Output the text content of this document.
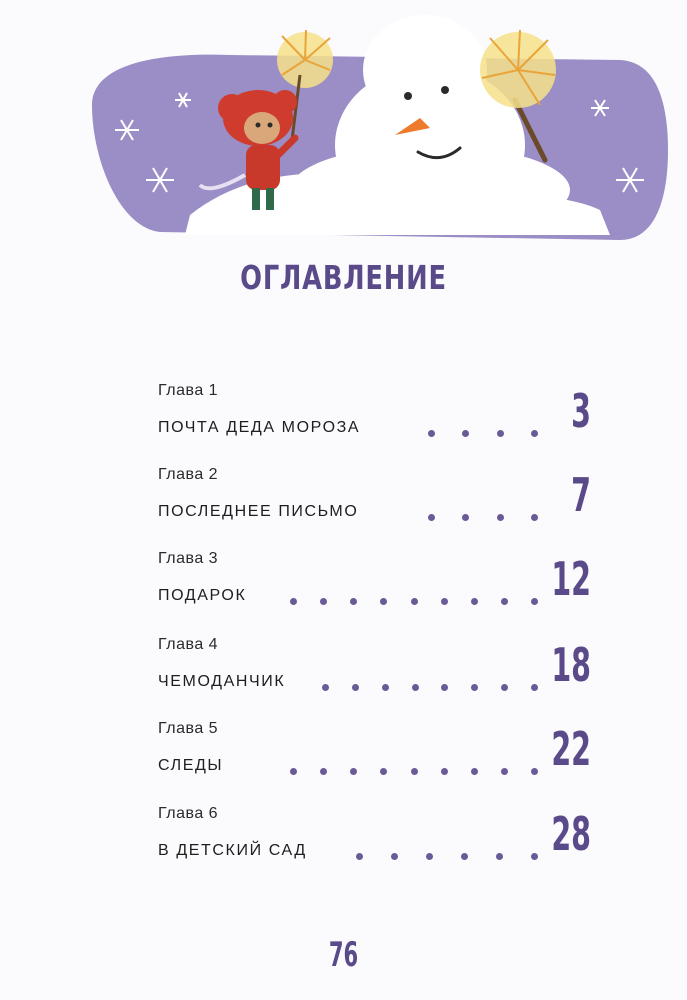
ОГЛАВЛЕНИЕ
Глава 1
ПОЧТА ДЕДА МОРОЗА	3
Глава 2
ПОСЛЕДНЕЕ ПИСЬМО	7
Глава 3
ПОДАРОК	12
Глава 4
ЧЕМОДАНЧИК	18
Глава 5
СЛЕДЫ	22
Глава 6
В ДЕТСКИЙ САД	28
76
